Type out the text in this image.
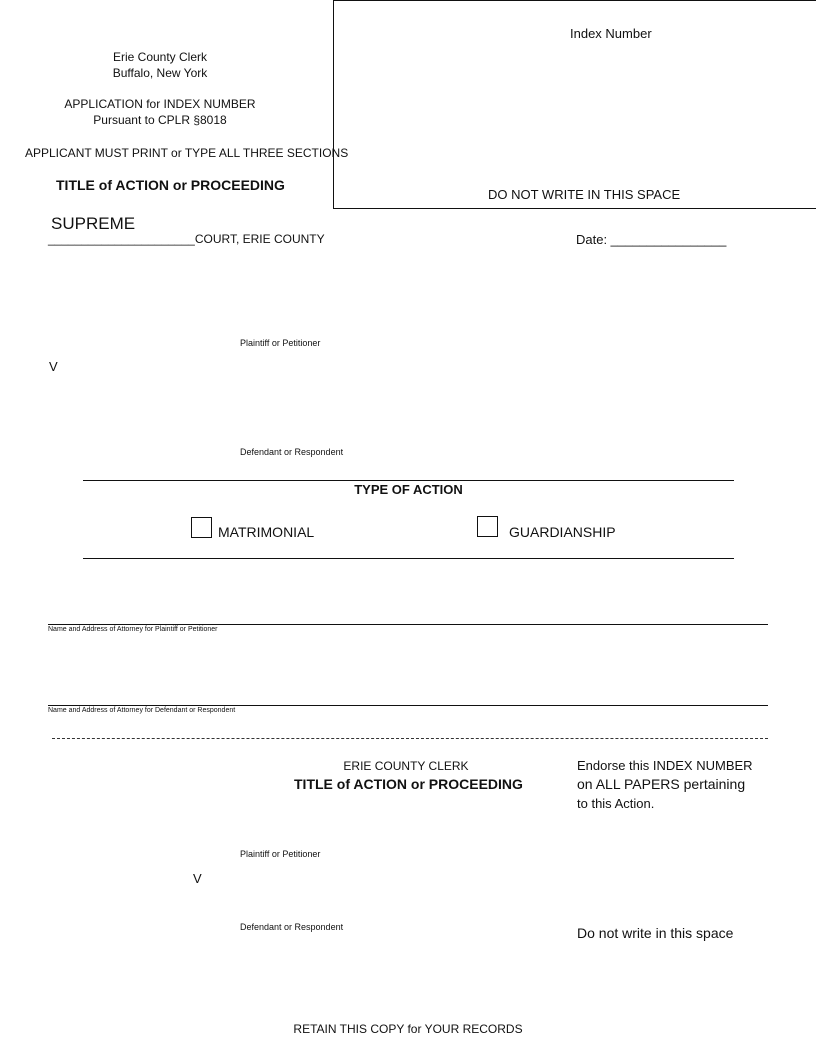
Erie County Clerk
Buffalo, New York
APPLICATION for INDEX NUMBER
Pursuant to CPLR §8018
APPLICANT MUST PRINT or TYPE ALL THREE SECTIONS
TITLE of ACTION or PROCEEDING
Index Number
DO NOT WRITE IN THIS SPACE
SUPREME
______________________COURT, ERIE COUNTY	Date: ________________
Plaintiff or Petitioner
V
Defendant or Respondent
TYPE OF ACTION
MATRIMONIAL	GUARDIANSHIP
Name and Address of Attorney for Plaintiff or Petitioner
Name and Address of Attorney for Defendant or Respondent
ERIE COUNTY CLERK
TITLE of ACTION or PROCEEDING
Endorse this INDEX NUMBER
on ALL PAPERS pertaining
to this Action.
Plaintiff or Petitioner
V
Defendant or Respondent	Do not write in this space
RETAIN THIS COPY for YOUR RECORDS
